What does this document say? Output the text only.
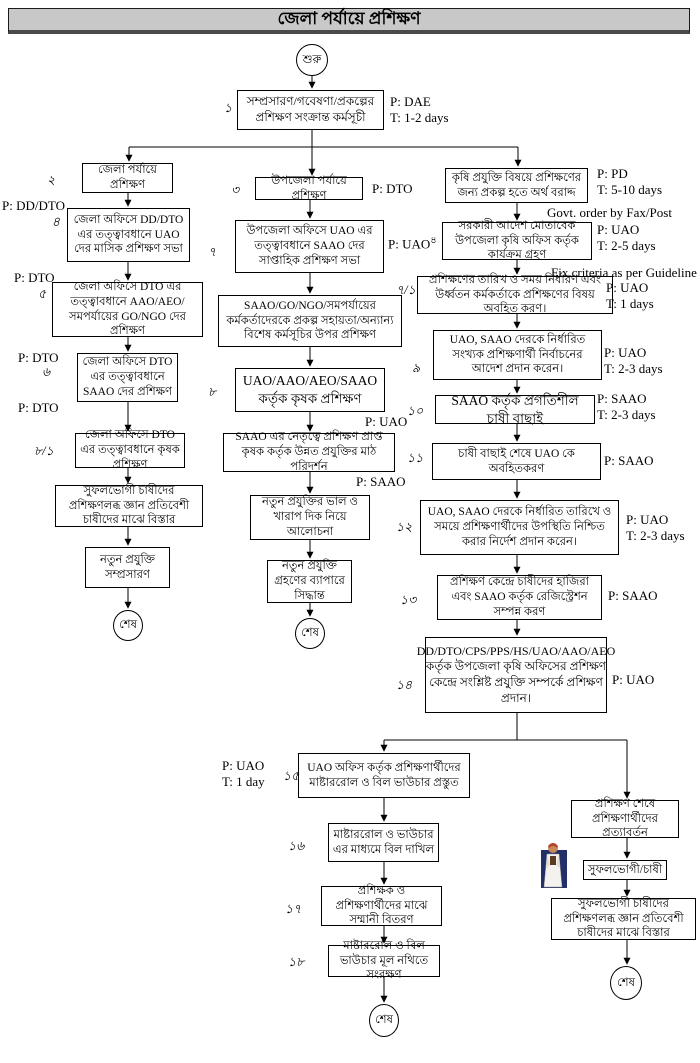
জেলা পর্যায়ে প্রশিক্ষণ
শুরু
শেষ
শেষ
শেষ
শেষ
সম্প্রসারণ/গবেষণা/প্রকল্পের প্রশিক্ষণ সংক্রান্ত কর্মসূচী
জেলা পর্যায়ে প্রশিক্ষণ	উপজেলা পর্যায়ে প্রশিক্ষণ
জেলা অফিসে DD/DTO এর তত্ত্বাবধানে UAO দের মাসিক প্রশিক্ষণ সভা
জেলা অফিসে DTO এর তত্ত্বাবধানে AAO/AEO/সমপর্যায়ের GO/NGO দের প্রশিক্ষণ
জেলা অফিসে DTO এর তত্ত্বাবধানে SAAO দের প্রশিক্ষণ
জেলা অফিসে DTO এর তত্ত্বাবধানে কৃষক প্রশিক্ষণ
সুফলভোগী চাষীদের প্রশিক্ষণলব্ধ জ্ঞান প্রতিবেশী চাষীদের মাঝে বিস্তার
নতুন প্রযুক্তি সম্প্রসারণ
উপজেলা অফিসে UAO এর তত্ত্বাবধানে SAAO দের সাপ্তাহিক প্রশিক্ষণ সভা
SAAO/GO/NGO/সমপর্যায়ের কর্মকর্তাদেরকে প্রকল্প সহায়তা/অন্যান্য বিশেষ কর্মসূচির উপর প্রশিক্ষণ
UAO/AAO/AEO/SAAO কর্তৃক কৃষক প্রশিক্ষণ
SAAO এর নেতৃত্বে প্রশিক্ষণ প্রাপ্ত কৃষক কর্তৃক উন্নত প্রযুক্তির মাঠ পরিদর্শন
নতুন প্রযুক্তির ভাল ও খারাপ দিক নিয়ে আলোচনা
নতুন প্রযুক্তি গ্রহণের ব্যাপারে সিদ্ধান্ত
কৃষি প্রযুক্তি বিষয়ে প্রশিক্ষণের জন্য প্রকল্প হতে অর্থ বরাদ্দ
সরকারী আদেশ মোতাবেক উপজেলা কৃষি অফিস কর্তৃক কার্যক্রম গ্রহণ
প্রশিক্ষণের তারিখ ও সময় নির্ধারণ এবং উর্ধ্বতন কর্মকর্তাকে প্রশিক্ষণের বিষয় অবহিত করণ।
UAO, SAAO দেরকে নির্ধারিত সংখ্যক প্রশিক্ষণার্থী নির্বাচনের আদেশ প্রদান করেন।
SAAO কর্তৃক প্রগতিশীল চাষী বাছাই
চাষী বাছাই শেষে UAO কে অবহিতকরণ
UAO, SAAO দেরকে নির্ধারিত তারিখে ও সময়ে প্রশিক্ষণার্থীদের উপস্থিতি নিশ্চিত করার নির্দেশ প্রদান করেন।
প্রশিক্ষণ কেন্দ্রে চাষীদের হাজিরা এবং SAAO কর্তৃক রেজিস্ট্রেশন সম্পন্ন করণ
DD/DTO/CPS/PPS/HS/UAO/AAO/AEO কর্তৃক উপজেলা কৃষি অফিসের প্রশিক্ষণ কেন্দ্রে সংশ্লিষ্ট প্রযুক্তি সম্পর্কে প্রশিক্ষণ প্রদান।
UAO অফিস কর্তৃক প্রশিক্ষণার্থীদের মাষ্টাররোল ও বিল ভাউচার প্রস্তুত
মাষ্টাররোল ও ভাউচার এর মাধ্যমে বিল দাখিল
প্রশিক্ষক ও প্রশিক্ষণার্থীদের মাঝে সম্মানী বিতরণ
মাষ্টাররোল ও বিল ভাউচার মূল নথিতে সংরক্ষণ
প্রশিক্ষণ শেষে প্রশিক্ষণার্থীদের প্রত্যাবর্তন
সুফলভোগী/চাষী
সুফলভোগী চাষীদের প্রশিক্ষণলব্ধ জ্ঞান প্রতিবেশী চাষীদের মাঝে বিস্তার
১
২
৩
৫
৬
৮/১
৭
৮
৭/১
৯
১০
১১
১২
১৩
১৪
১৫
১৬
১৭
১৮
P: DAE
T: 1-2 days
P: DD/DTO
৪
P: DTO
P: DTO
P: DTO
P: DTO
P: UAO$^৪$
P: UAO
P: SAAO
P: PD
T: 5-10 days
P: UAO
T: 2-5 days
P: UAO
T: 1 days
P: UAO
T: 2-3 days
P: SAAO
T: 2-3 days
P: SAAO
P: UAO
T: 2-3 days
P: SAAO
P: UAO
P: UAO
T: 1 day
Govt. order by Fax/Post
Fix criteria as per Guideline
